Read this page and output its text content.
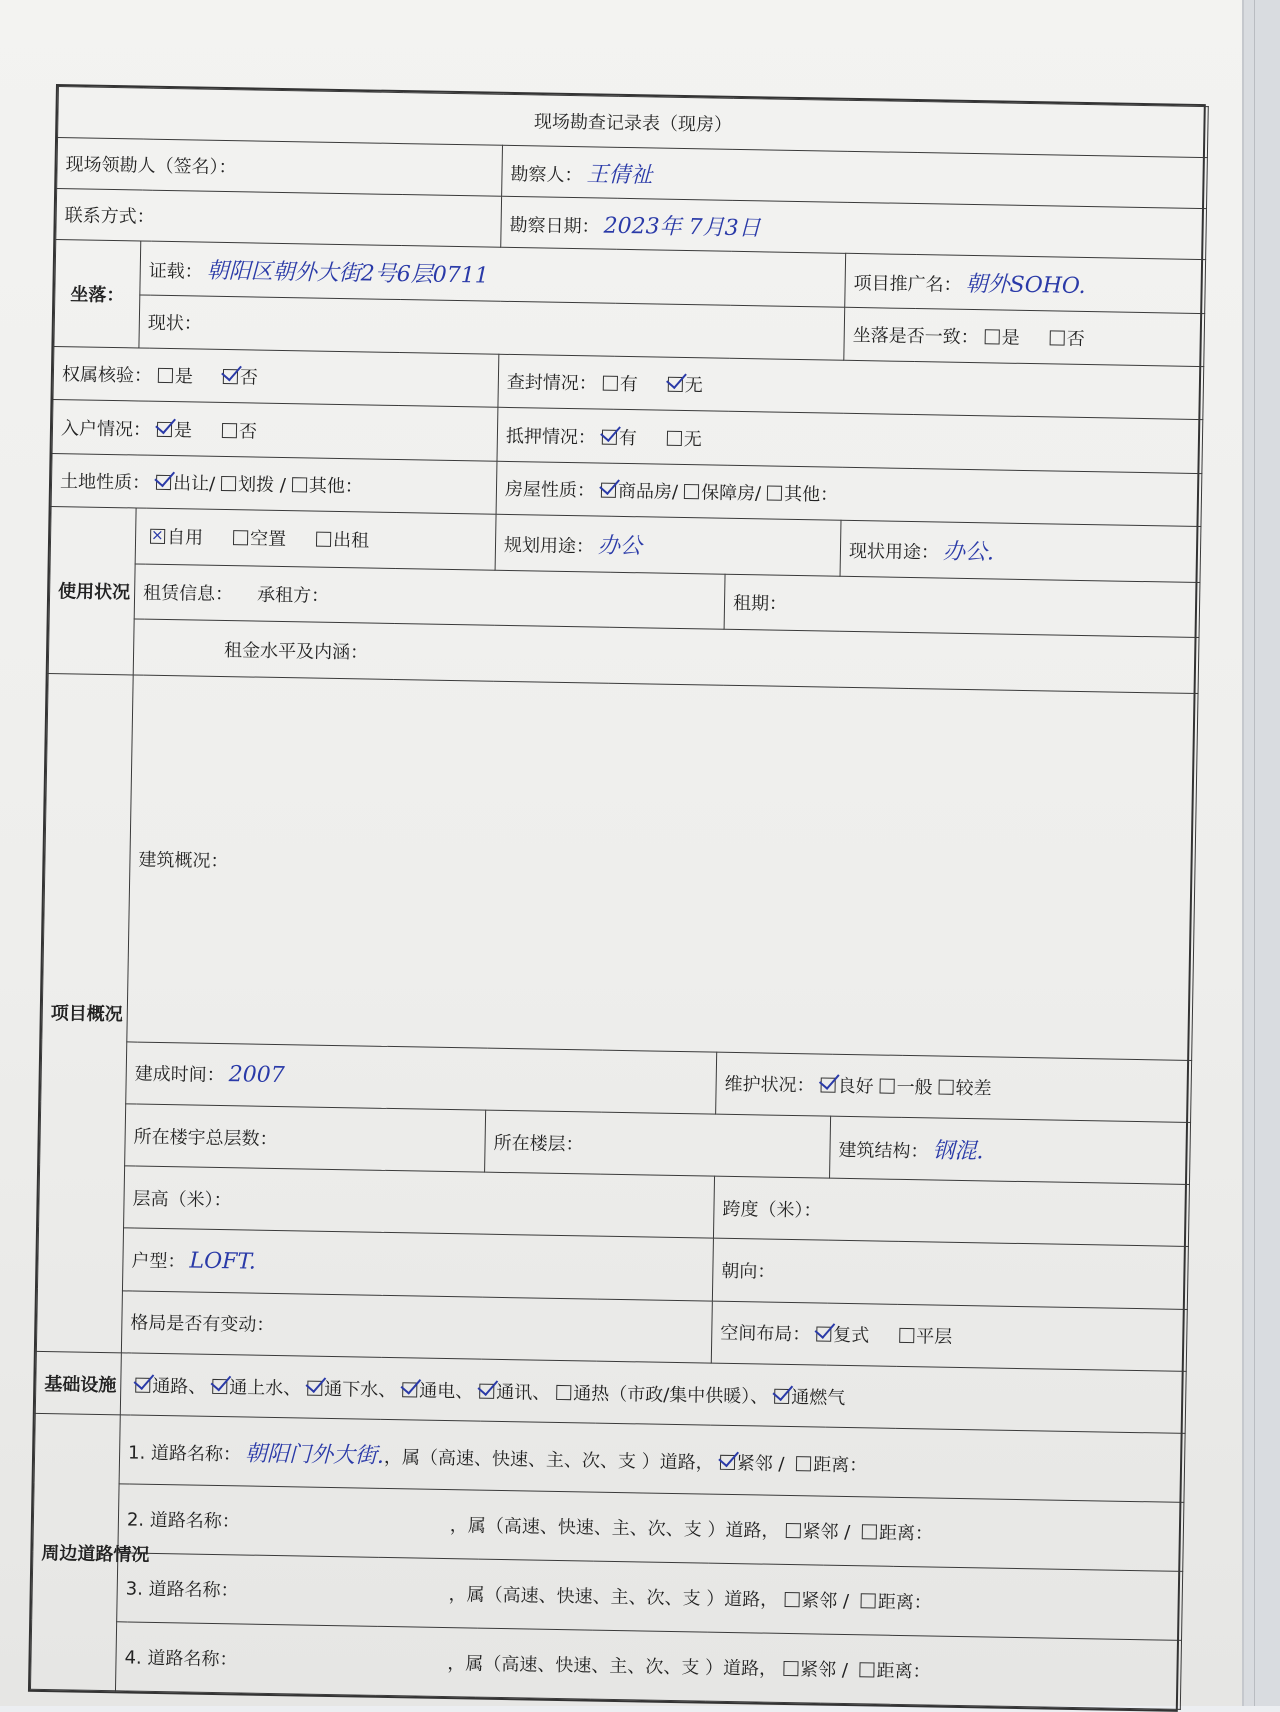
现场勘查记录表（现房）				
现场领勘人（签名）：		勘察人： 王倩祉		
联系方式：		勘察日期： 2023年 7月3日		
坐落：	证载： 朝阳区朝外大街2号6层0711			项目推广名： 朝外SOHO.
	现状：			坐落是否一致： 是 否
权属核验： 是 否		查封情况： 有 无		
入户情况： 是 否		抵押情况： 有 无		
土地性质： 出让/ 划拨 / 其他：		房屋性质： 商品房/ 保障房/ 其他：		
使用状况	×自用 空置 出租	规划用途： 办公		现状用途： 办公.
	租赁信息： 承租方：		租期：	
	租金水平及内涵：			
项目概况	建筑概况：			
	建成时间： 2007		维护状况： 良好 一般 较差	
	所在楼宇总层数：	所在楼层：		建筑结构： 钢混.
	层高（米）：		跨度（米）：	
	户型： LOFT.		朝向：	
	格局是否有变动：		空间布局： 复式 平层	
基础设施	通路、 通上水、 通下水、 通电、 通讯、 通热（市政/集中供暖）、 通燃气			
周边道路情况	1. 道路名称： 朝阳门外大街.，属（高速、快速、主、次、支 ）道路， 紧邻 / 距离：			
	2. 道路名称： ，属（高速、快速、主、次、支 ）道路， 紧邻 / 距离：			
	3. 道路名称： ，属（高速、快速、主、次、支 ）道路， 紧邻 / 距离：			
	4. 道路名称： ，属（高速、快速、主、次、支 ）道路， 紧邻 / 距离：			
